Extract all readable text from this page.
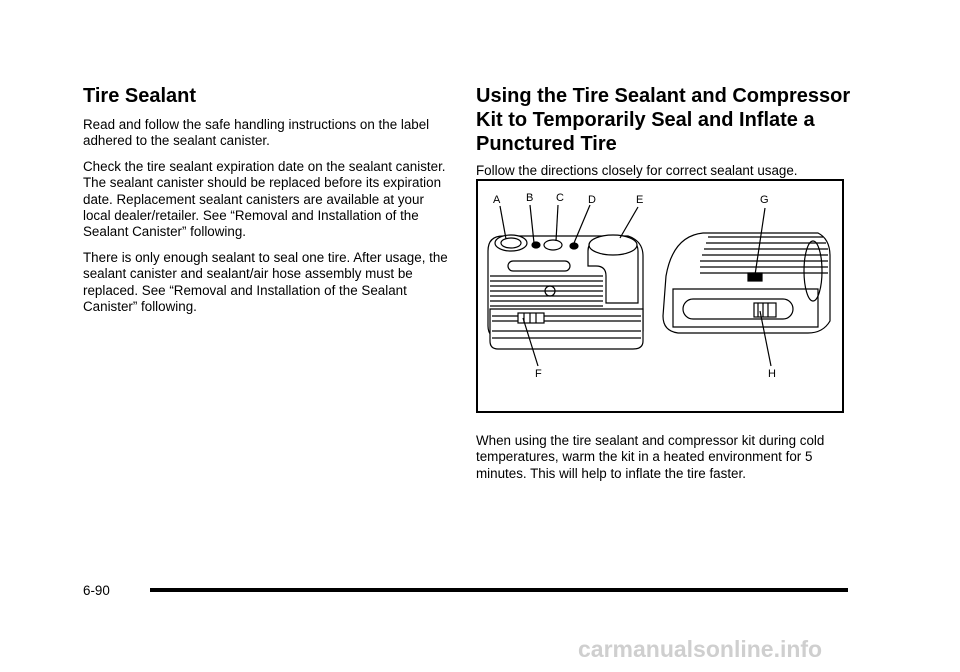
Tire Sealant

Read and follow the safe handling instructions on the label adhered to the sealant canister.

Check the tire sealant expiration date on the sealant canister. The sealant canister should be replaced before its expiration date. Replacement sealant canisters are available at your local dealer/retailer. See “Removal and Installation of the Sealant Canister” following.

There is only enough sealant to seal one tire. After usage, the sealant canister and sealant/air hose assembly must be replaced. See “Removal and Installation of the Sealant Canister” following.

Using the Tire Sealant and Compressor Kit to Temporarily Seal and Inflate a Punctured Tire

Follow the directions closely for correct sealant usage.

A B C D	E
F
G
H

When using the tire sealant and compressor kit during cold temperatures, warm the kit in a heated environment for 5 minutes. This will help to inflate the tire faster.

6-90
carmanualsonline.info
